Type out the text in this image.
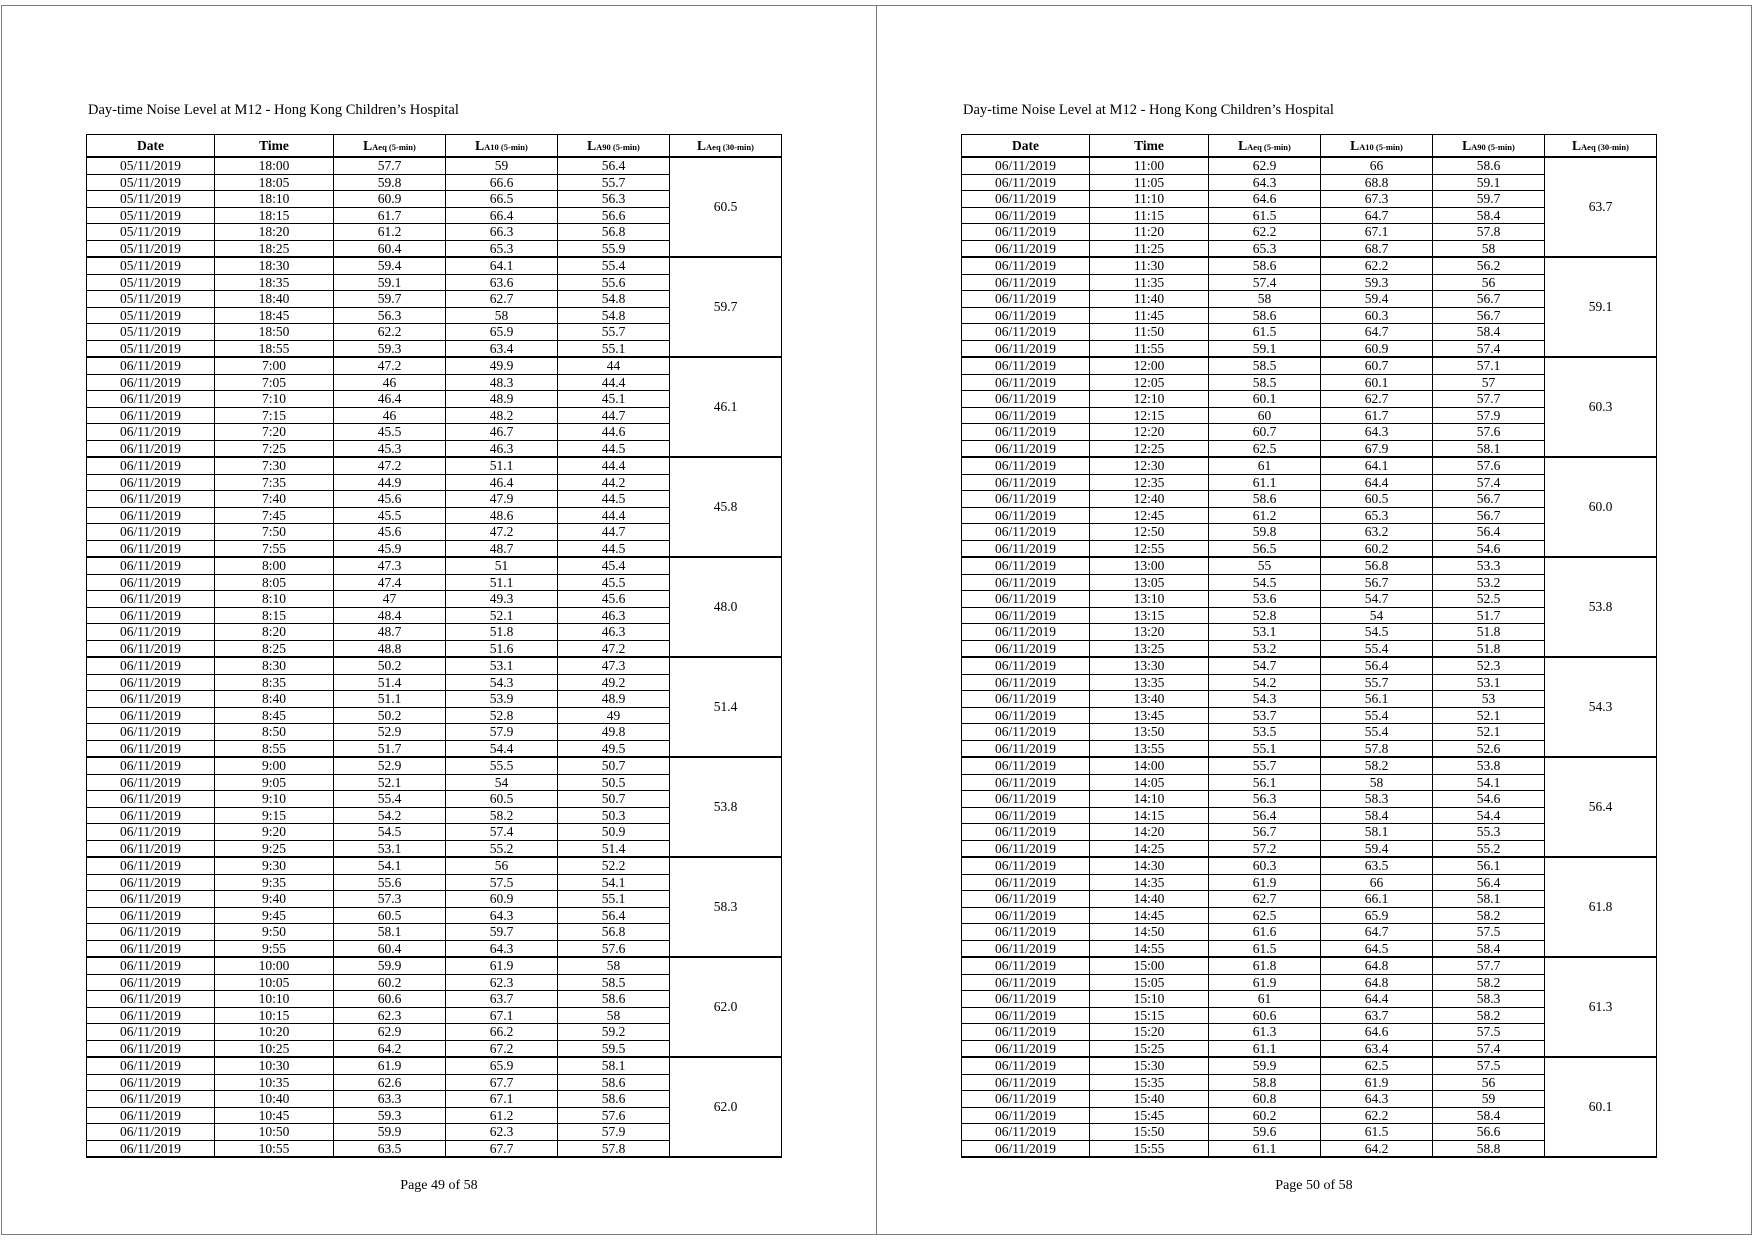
Day-time Noise Level at M12 - Hong Kong Children’s Hospital
Date	Time	LAeq (5-min)	LA10 (5-min)	LA90 (5-min)	LAeq (30-min)
05/11/2019	18:00	57.7	59	56.4	60.5
05/11/2019	18:05	59.8	66.6	55.7	
05/11/2019	18:10	60.9	66.5	56.3	
05/11/2019	18:15	61.7	66.4	56.6	
05/11/2019	18:20	61.2	66.3	56.8	
05/11/2019	18:25	60.4	65.3	55.9	
05/11/2019	18:30	59.4	64.1	55.4	59.7
05/11/2019	18:35	59.1	63.6	55.6	
05/11/2019	18:40	59.7	62.7	54.8	
05/11/2019	18:45	56.3	58	54.8	
05/11/2019	18:50	62.2	65.9	55.7	
05/11/2019	18:55	59.3	63.4	55.1	
06/11/2019	7:00	47.2	49.9	44	46.1
06/11/2019	7:05	46	48.3	44.4	
06/11/2019	7:10	46.4	48.9	45.1	
06/11/2019	7:15	46	48.2	44.7	
06/11/2019	7:20	45.5	46.7	44.6	
06/11/2019	7:25	45.3	46.3	44.5	
06/11/2019	7:30	47.2	51.1	44.4	45.8
06/11/2019	7:35	44.9	46.4	44.2	
06/11/2019	7:40	45.6	47.9	44.5	
06/11/2019	7:45	45.5	48.6	44.4	
06/11/2019	7:50	45.6	47.2	44.7	
06/11/2019	7:55	45.9	48.7	44.5	
06/11/2019	8:00	47.3	51	45.4	48.0
06/11/2019	8:05	47.4	51.1	45.5	
06/11/2019	8:10	47	49.3	45.6	
06/11/2019	8:15	48.4	52.1	46.3	
06/11/2019	8:20	48.7	51.8	46.3	
06/11/2019	8:25	48.8	51.6	47.2	
06/11/2019	8:30	50.2	53.1	47.3	51.4
06/11/2019	8:35	51.4	54.3	49.2	
06/11/2019	8:40	51.1	53.9	48.9	
06/11/2019	8:45	50.2	52.8	49	
06/11/2019	8:50	52.9	57.9	49.8	
06/11/2019	8:55	51.7	54.4	49.5	
06/11/2019	9:00	52.9	55.5	50.7	53.8
06/11/2019	9:05	52.1	54	50.5	
06/11/2019	9:10	55.4	60.5	50.7	
06/11/2019	9:15	54.2	58.2	50.3	
06/11/2019	9:20	54.5	57.4	50.9	
06/11/2019	9:25	53.1	55.2	51.4	
06/11/2019	9:30	54.1	56	52.2	58.3
06/11/2019	9:35	55.6	57.5	54.1	
06/11/2019	9:40	57.3	60.9	55.1	
06/11/2019	9:45	60.5	64.3	56.4	
06/11/2019	9:50	58.1	59.7	56.8	
06/11/2019	9:55	60.4	64.3	57.6	
06/11/2019	10:00	59.9	61.9	58	62.0
06/11/2019	10:05	60.2	62.3	58.5	
06/11/2019	10:10	60.6	63.7	58.6	
06/11/2019	10:15	62.3	67.1	58	
06/11/2019	10:20	62.9	66.2	59.2	
06/11/2019	10:25	64.2	67.2	59.5	
06/11/2019	10:30	61.9	65.9	58.1	62.0
06/11/2019	10:35	62.6	67.7	58.6	
06/11/2019	10:40	63.3	67.1	58.6	
06/11/2019	10:45	59.3	61.2	57.6	
06/11/2019	10:50	59.9	62.3	57.9	
06/11/2019	10:55	63.5	67.7	57.8	
Page 49 of 58
Day-time Noise Level at M12 - Hong Kong Children’s Hospital
Date	Time	LAeq (5-min)	LA10 (5-min)	LA90 (5-min)	LAeq (30-min)
06/11/2019	11:00	62.9	66	58.6	63.7
06/11/2019	11:05	64.3	68.8	59.1	
06/11/2019	11:10	64.6	67.3	59.7	
06/11/2019	11:15	61.5	64.7	58.4	
06/11/2019	11:20	62.2	67.1	57.8	
06/11/2019	11:25	65.3	68.7	58	
06/11/2019	11:30	58.6	62.2	56.2	59.1
06/11/2019	11:35	57.4	59.3	56	
06/11/2019	11:40	58	59.4	56.7	
06/11/2019	11:45	58.6	60.3	56.7	
06/11/2019	11:50	61.5	64.7	58.4	
06/11/2019	11:55	59.1	60.9	57.4	
06/11/2019	12:00	58.5	60.7	57.1	60.3
06/11/2019	12:05	58.5	60.1	57	
06/11/2019	12:10	60.1	62.7	57.7	
06/11/2019	12:15	60	61.7	57.9	
06/11/2019	12:20	60.7	64.3	57.6	
06/11/2019	12:25	62.5	67.9	58.1	
06/11/2019	12:30	61	64.1	57.6	60.0
06/11/2019	12:35	61.1	64.4	57.4	
06/11/2019	12:40	58.6	60.5	56.7	
06/11/2019	12:45	61.2	65.3	56.7	
06/11/2019	12:50	59.8	63.2	56.4	
06/11/2019	12:55	56.5	60.2	54.6	
06/11/2019	13:00	55	56.8	53.3	53.8
06/11/2019	13:05	54.5	56.7	53.2	
06/11/2019	13:10	53.6	54.7	52.5	
06/11/2019	13:15	52.8	54	51.7	
06/11/2019	13:20	53.1	54.5	51.8	
06/11/2019	13:25	53.2	55.4	51.8	
06/11/2019	13:30	54.7	56.4	52.3	54.3
06/11/2019	13:35	54.2	55.7	53.1	
06/11/2019	13:40	54.3	56.1	53	
06/11/2019	13:45	53.7	55.4	52.1	
06/11/2019	13:50	53.5	55.4	52.1	
06/11/2019	13:55	55.1	57.8	52.6	
06/11/2019	14:00	55.7	58.2	53.8	56.4
06/11/2019	14:05	56.1	58	54.1	
06/11/2019	14:10	56.3	58.3	54.6	
06/11/2019	14:15	56.4	58.4	54.4	
06/11/2019	14:20	56.7	58.1	55.3	
06/11/2019	14:25	57.2	59.4	55.2	
06/11/2019	14:30	60.3	63.5	56.1	61.8
06/11/2019	14:35	61.9	66	56.4	
06/11/2019	14:40	62.7	66.1	58.1	
06/11/2019	14:45	62.5	65.9	58.2	
06/11/2019	14:50	61.6	64.7	57.5	
06/11/2019	14:55	61.5	64.5	58.4	
06/11/2019	15:00	61.8	64.8	57.7	61.3
06/11/2019	15:05	61.9	64.8	58.2	
06/11/2019	15:10	61	64.4	58.3	
06/11/2019	15:15	60.6	63.7	58.2	
06/11/2019	15:20	61.3	64.6	57.5	
06/11/2019	15:25	61.1	63.4	57.4	
06/11/2019	15:30	59.9	62.5	57.5	60.1
06/11/2019	15:35	58.8	61.9	56	
06/11/2019	15:40	60.8	64.3	59	
06/11/2019	15:45	60.2	62.2	58.4	
06/11/2019	15:50	59.6	61.5	56.6	
06/11/2019	15:55	61.1	64.2	58.8	
Page 50 of 58
